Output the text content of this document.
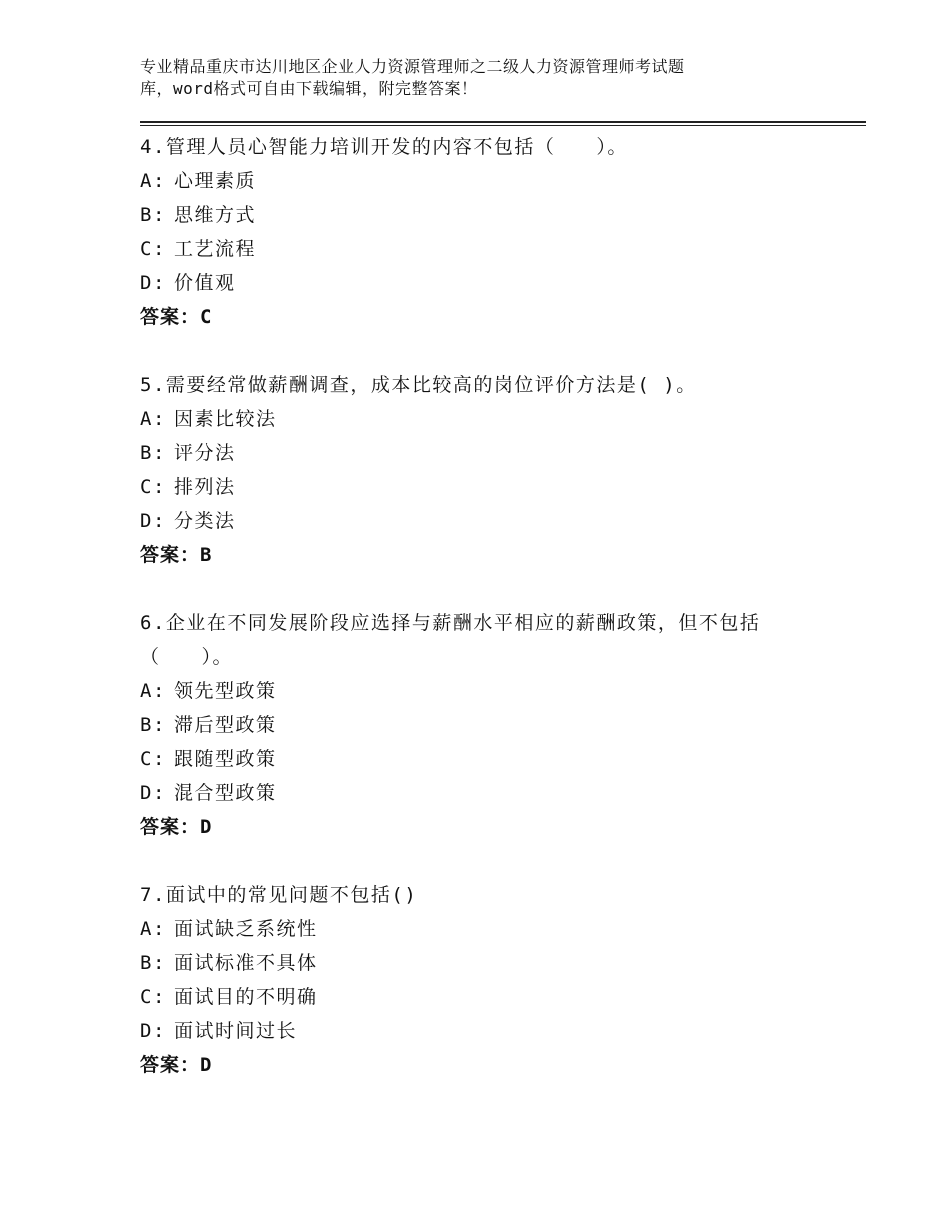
专业精品重庆市达川地区企业人力资源管理师之二级人力资源管理师考试题
库，word格式可自由下载编辑，附完整答案！
4.管理人员心智能力培训开发的内容不包括（　　）。
A: 心理素质
B: 思维方式
C: 工艺流程
D: 价值观
答案：C
5.需要经常做薪酬调查，成本比较高的岗位评价方法是( )。
A: 因素比较法
B: 评分法
C: 排列法
D: 分类法
答案：B
6.企业在不同发展阶段应选择与薪酬水平相应的薪酬政策，但不包括（　　）。
A: 领先型政策
B: 滞后型政策
C: 跟随型政策
D: 混合型政策
答案：D
7.面试中的常见问题不包括()
A: 面试缺乏系统性
B: 面试标准不具体
C: 面试目的不明确
D: 面试时间过长
答案：D
